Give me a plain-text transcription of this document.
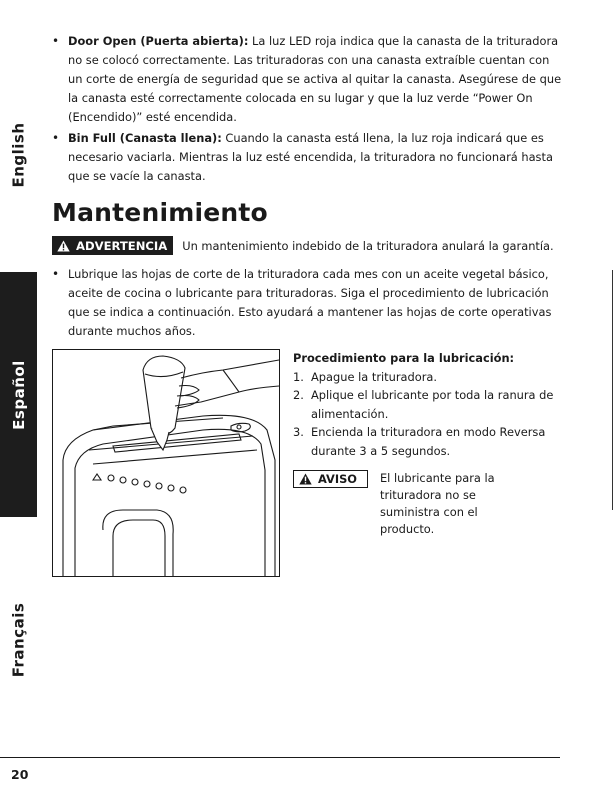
English
Español
Français
• Door Open (Puerta abierta): La luz LED roja indica que la canasta de la trituradora no se colocó correctamente. Las trituradoras con una canasta extraíble cuentan con un corte de energía de seguridad que se activa al quitar la canasta. Asegúrese de que la canasta esté correctamente colocada en su lugar y que la luz verde “Power On (Encendido)” esté encendida.
• Bin Full (Canasta llena): Cuando la canasta está llena, la luz roja indicará que es necesario vaciarla. Mientras la luz esté encendida, la trituradora no funcionará hasta que se vacíe la canasta.
Mantenimiento
ADVERTENCIA Un mantenimiento indebido de la trituradora anulará la garantía.
• Lubrique las hojas de corte de la trituradora cada mes con un aceite vegetal básico, aceite de cocina o lubricante para trituradoras. Siga el procedimiento de lubricación que se indica a continuación. Esto ayudará a mantener las hojas de corte operativas durante muchos años.
Procedimiento para la lubricación:
1. Apague la trituradora.
2. Aplique el lubricante por toda la ranura de alimentación.
3. Encienda la trituradora en modo Reversa durante 3 a 5 segundos.
AVISO El lubricante para la trituradora no se suministra con el producto.
20
